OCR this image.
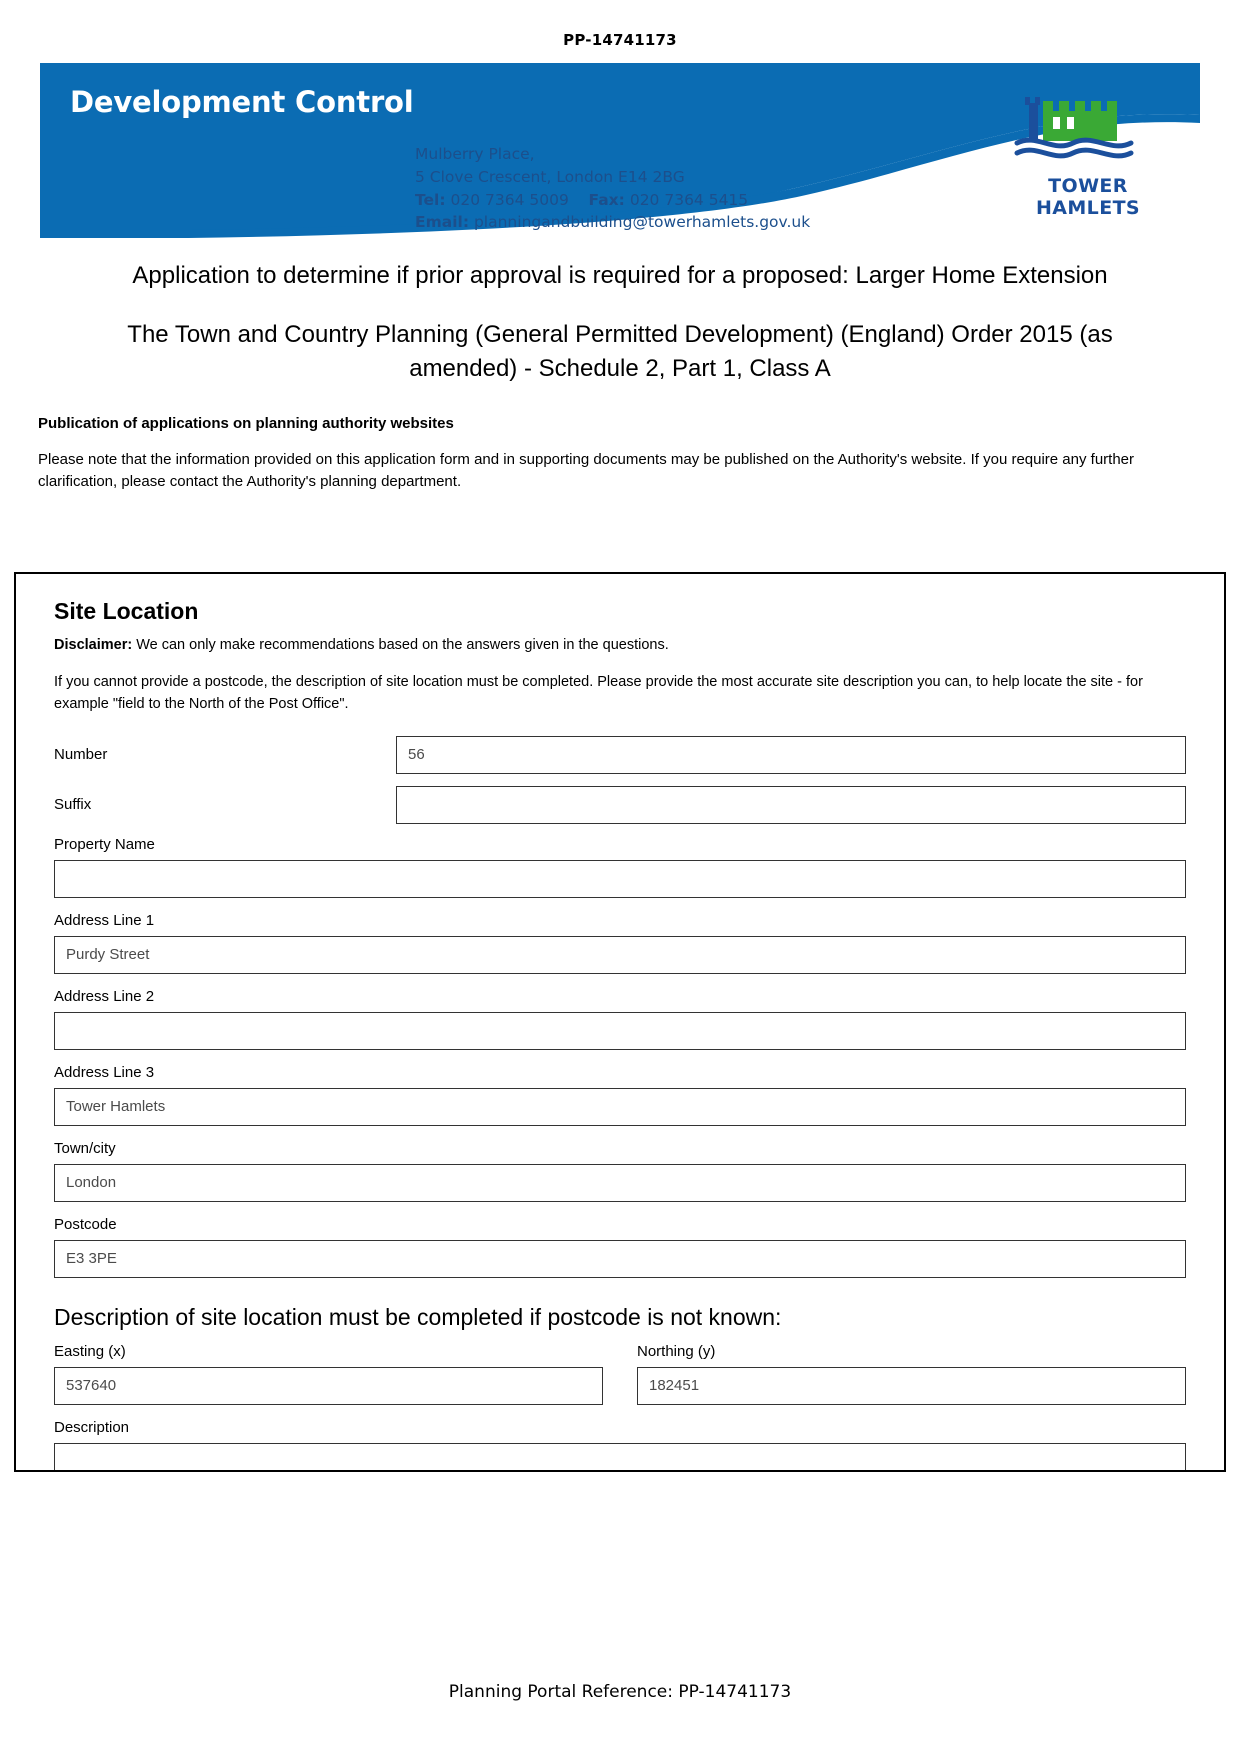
PP-14741173
Development Control
Mulberry Place,
5 Clove Crescent, London E14 2BG
Tel: 020 7364 5009 Fax: 020 7364 5415
Email: planningandbuilding@towerhamlets.gov.uk
TOWER HAMLETS
Application to determine if prior approval is required for a proposed: Larger Home Extension
The Town and Country Planning (General Permitted Development) (England) Order 2015 (as amended) - Schedule 2, Part 1, Class A
Publication of applications on planning authority websites
Please note that the information provided on this application form and in supporting documents may be published on the Authority's website. If you require any further clarification, please contact the Authority's planning department.
Site Location
Disclaimer: We can only make recommendations based on the answers given in the questions.
If you cannot provide a postcode, the description of site location must be completed. Please provide the most accurate site description you can, to help locate the site - for example "field to the North of the Post Office".
Number	56
Suffix
Property Name
Address Line 1
Purdy Street
Address Line 2
Address Line 3
Tower Hamlets
Town/city
London
Postcode
E3 3PE
Description of site location must be completed if postcode is not known:
Easting (x)
537640
Northing (y)
182451
Description
Planning Portal Reference: PP-14741173
